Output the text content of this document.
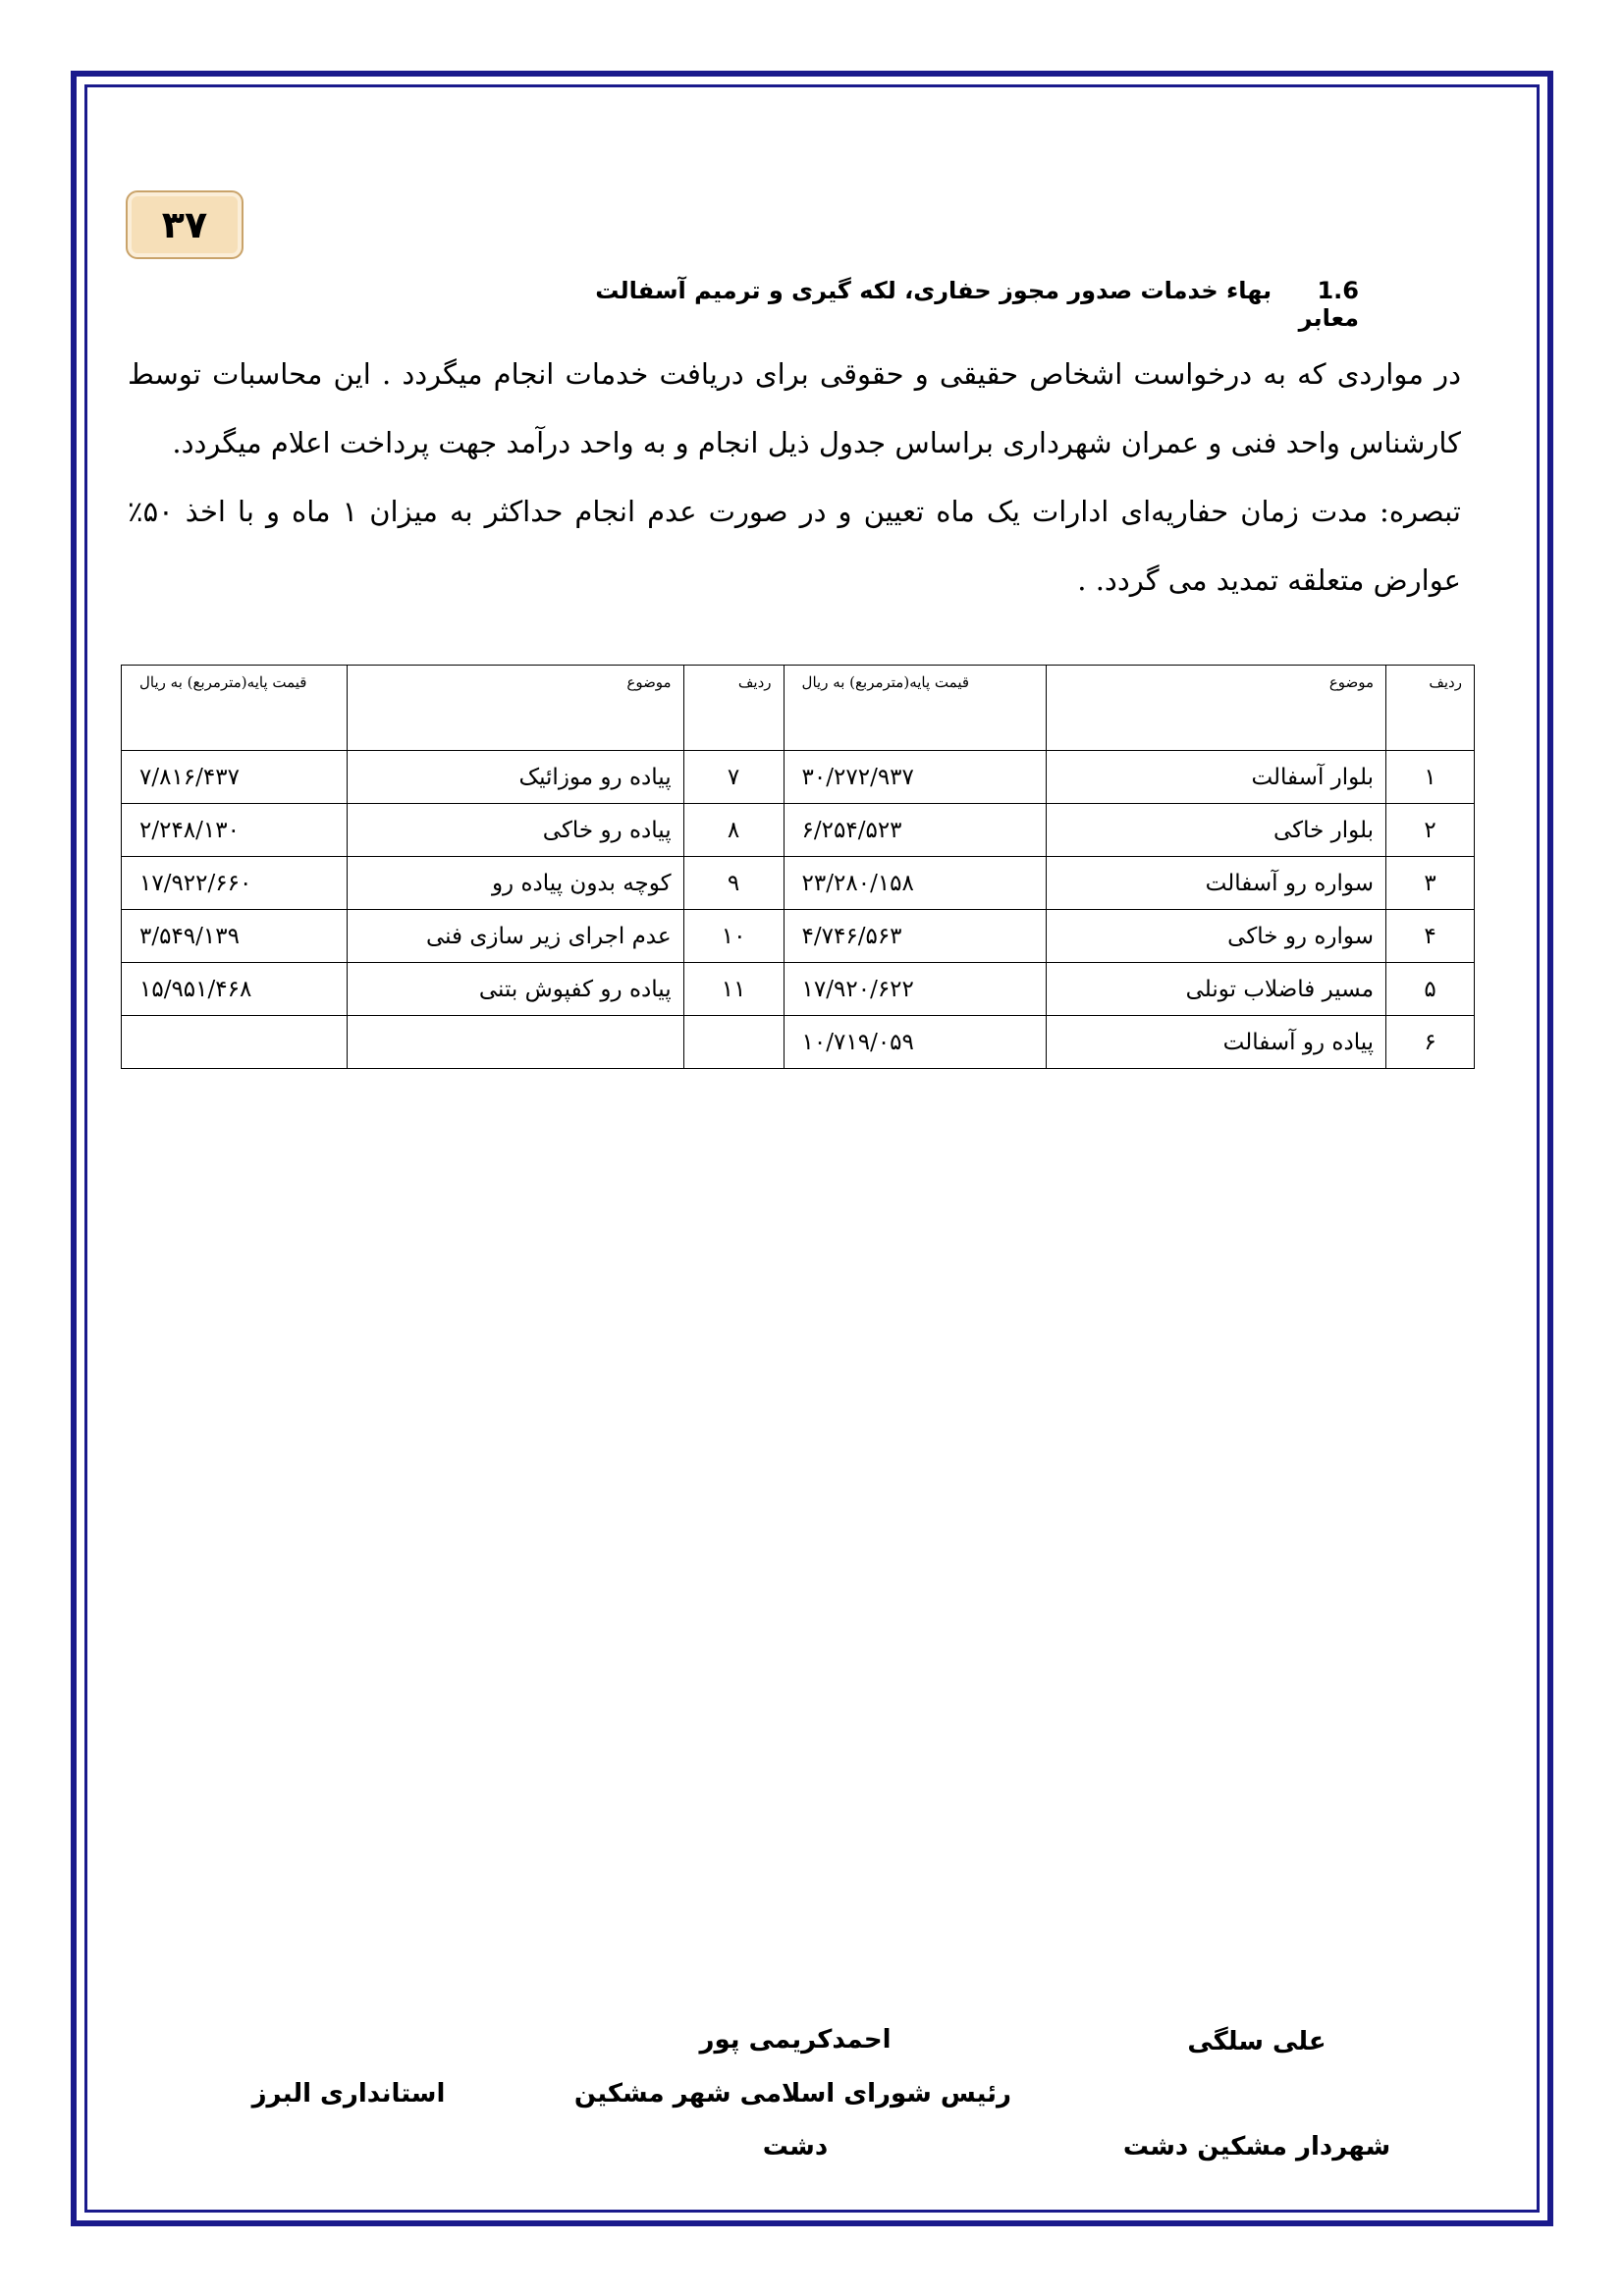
۳۷
1.6 بهاء خدمات صدور مجوز حفاری، لکه گیری و ترمیم آسفالت معابر

در مواردی که به درخواست اشخاص حقیقی و حقوقی برای دریافت خدمات انجام میگردد . این محاسبات توسط کارشناس واحد فنی و عمران شهرداری براساس جدول ذیل انجام و به واحد درآمد جهت پرداخت اعلام میگردد.

تبصره: مدت زمان حفاریه‌ای ادارات یک ماه تعیین و در صورت عدم انجام حداکثر به میزان ۱ ماه و با اخذ ۵۰٪ عوارض متعلقه تمدید می گردد. .

ردیف	موضوع	قیمت پایه(مترمربع) به ریال	ردیف	موضوع	قیمت پایه(مترمربع) به ریال
۱	بلوار آسفالت	۳۰/۲۷۲/۹۳۷	۷	پیاده رو موزائیک	۷/۸۱۶/۴۳۷
۲	بلوار خاکی	۶/۲۵۴/۵۲۳	۸	پیاده رو خاکی	۲/۲۴۸/۱۳۰
۳	سواره رو آسفالت	۲۳/۲۸۰/۱۵۸	۹	کوچه بدون پیاده رو	۱۷/۹۲۲/۶۶۰
۴	سواره رو خاکی	۴/۷۴۶/۵۶۳	۱۰	عدم اجرای زیر سازی فنی	۳/۵۴۹/۱۳۹
۵	مسیر فاضلاب تونلی	۱۷/۹۲۰/۶۲۲	۱۱	پیاده رو کفپوش بتنی	۱۵/۹۵۱/۴۶۸
۶	پیاده رو آسفالت	۱۰/۷۱۹/۰۵۹			
علی سلگی
شهردار مشکین دشت
احمدکریمی پور
رئیس شورای اسلامی شهر مشکین
دشت
استانداری البرز
